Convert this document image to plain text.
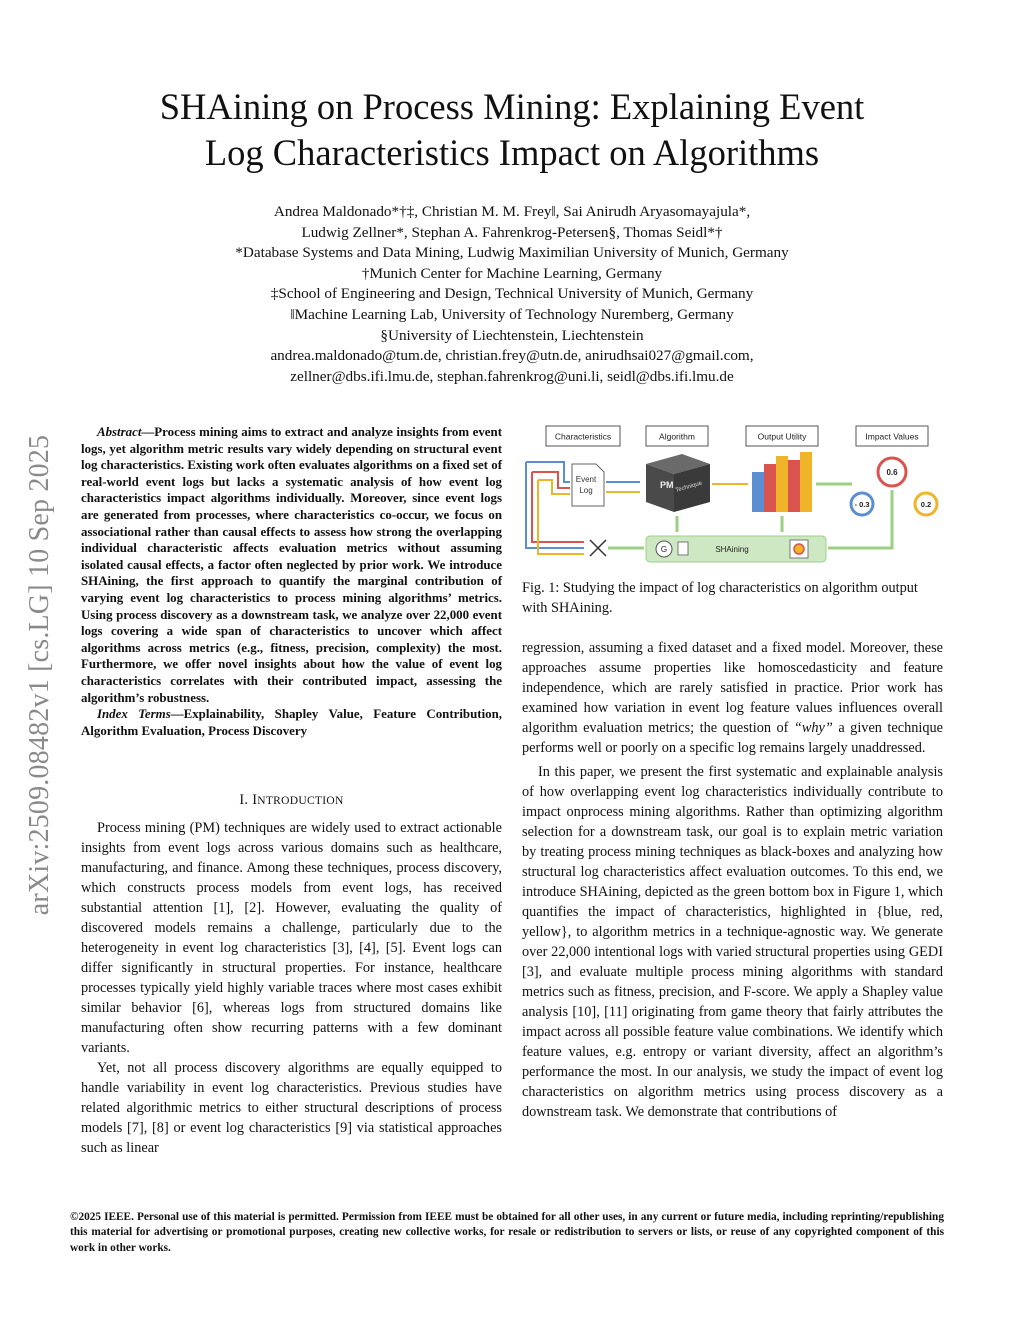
arXiv:2509.08482v1 [cs.LG] 10 Sep 2025
SHAining on Process Mining: Explaining Event
Log Characteristics Impact on Algorithms
Andrea Maldonado*†‡, Christian M. M. Frey‖, Sai Anirudh Aryasomayajula*,
Ludwig Zellner*, Stephan A. Fahrenkrog-Petersen§, Thomas Seidl*†
*Database Systems and Data Mining, Ludwig Maximilian University of Munich, Germany
†Munich Center for Machine Learning, Germany
‡School of Engineering and Design, Technical University of Munich, Germany
‖Machine Learning Lab, University of Technology Nuremberg, Germany
§University of Liechtenstein, Liechtenstein
andrea.maldonado@tum.de, christian.frey@utn.de, anirudhsai027@gmail.com,
zellner@dbs.ifi.lmu.de, stephan.fahrenkrog@uni.li, seidl@dbs.ifi.lmu.de

Abstract—Process mining aims to extract and analyze insights from event logs, yet algorithm metric results vary widely depending on structural event log characteristics. Existing work often evaluates algorithms on a fixed set of real-world event logs but lacks a systematic analysis of how event log characteristics impact algorithms individually. Moreover, since event logs are generated from processes, where characteristics co-occur, we focus on associational rather than causal effects to assess how strong the overlapping individual characteristic affects evaluation metrics without assuming isolated causal effects, a factor often neglected by prior work. We introduce SHAining, the first approach to quantify the marginal contribution of varying event log characteristics to process mining algorithms’ metrics. Using process discovery as a downstream task, we analyze over 22,000 event logs covering a wide span of characteristics to uncover which affect algorithms across metrics (e.g., fitness, precision, complexity) the most. Furthermore, we offer novel insights about how the value of event log characteristics correlates with their contributed impact, assessing the algorithm’s robustness.

Index Terms—Explainability, Shapley Value, Feature Contribution, Algorithm Evaluation, Process Discovery

I. INTRODUCTION

Process mining (PM) techniques are widely used to extract actionable insights from event logs across various domains such as healthcare, manufacturing, and finance. Among these techniques, process discovery, which constructs process models from event logs, has received substantial attention [1], [2]. However, evaluating the quality of discovered models remains a challenge, particularly due to the heterogeneity in event log characteristics [3], [4], [5]. Event logs can differ significantly in structural properties. For instance, healthcare processes typically yield highly variable traces where most cases exhibit similar behavior [6], whereas logs from structured domains like manufacturing often show recurring patterns with a few dominant variants.

Yet, not all process discovery algorithms are equally equipped to handle variability in event log characteristics. Previous studies have related algorithmic metrics to either structural descriptions of process models [7], [8] or event log characteristics [9] via statistical approaches such as linear

Characteristics	Algorithm	Output Utility	Impact Values
Event
Log
PM Technique
0.6
- 0.3	0.2
G	SHAining
Fig. 1: Studying the impact of log characteristics on algorithm output with SHAining.

regression, assuming a fixed dataset and a fixed model. Moreover, these approaches assume properties like homoscedasticity and feature independence, which are rarely satisfied in practice. Prior work has examined how variation in event log feature values influences overall algorithm evaluation metrics; the question of “why” a given technique performs well or poorly on a specific log remains largely unaddressed.

In this paper, we present the first systematic and explainable analysis of how overlapping event log characteristics individually contribute to impact onprocess mining algorithms. Rather than optimizing algorithm selection for a downstream task, our goal is to explain metric variation by treating process mining techniques as black-boxes and analyzing how structural log characteristics affect evaluation outcomes. To this end, we introduce SHAining, depicted as the green bottom box in Figure 1, which quantifies the impact of characteristics, highlighted in {blue, red, yellow}, to algorithm metrics in a technique-agnostic way. We generate over 22,000 intentional logs with varied structural properties using GEDI [3], and evaluate multiple process mining algorithms with standard metrics such as fitness, precision, and F-score. We apply a Shapley value analysis [10], [11] originating from game theory that fairly attributes the impact across all possible feature value combinations. We identify which feature values, e.g. entropy or variant diversity, affect an algorithm’s performance the most. In our analysis, we study the impact of event log characteristics on algorithm metrics using process discovery as a downstream task. We demonstrate that contributions of

©2025 IEEE. Personal use of this material is permitted. Permission from IEEE must be obtained for all other uses, in any current or future media, including reprinting/republishing this material for advertising or promotional purposes, creating new collective works, for resale or redistribution to servers or lists, or reuse of any copyrighted component of this work in other works.
